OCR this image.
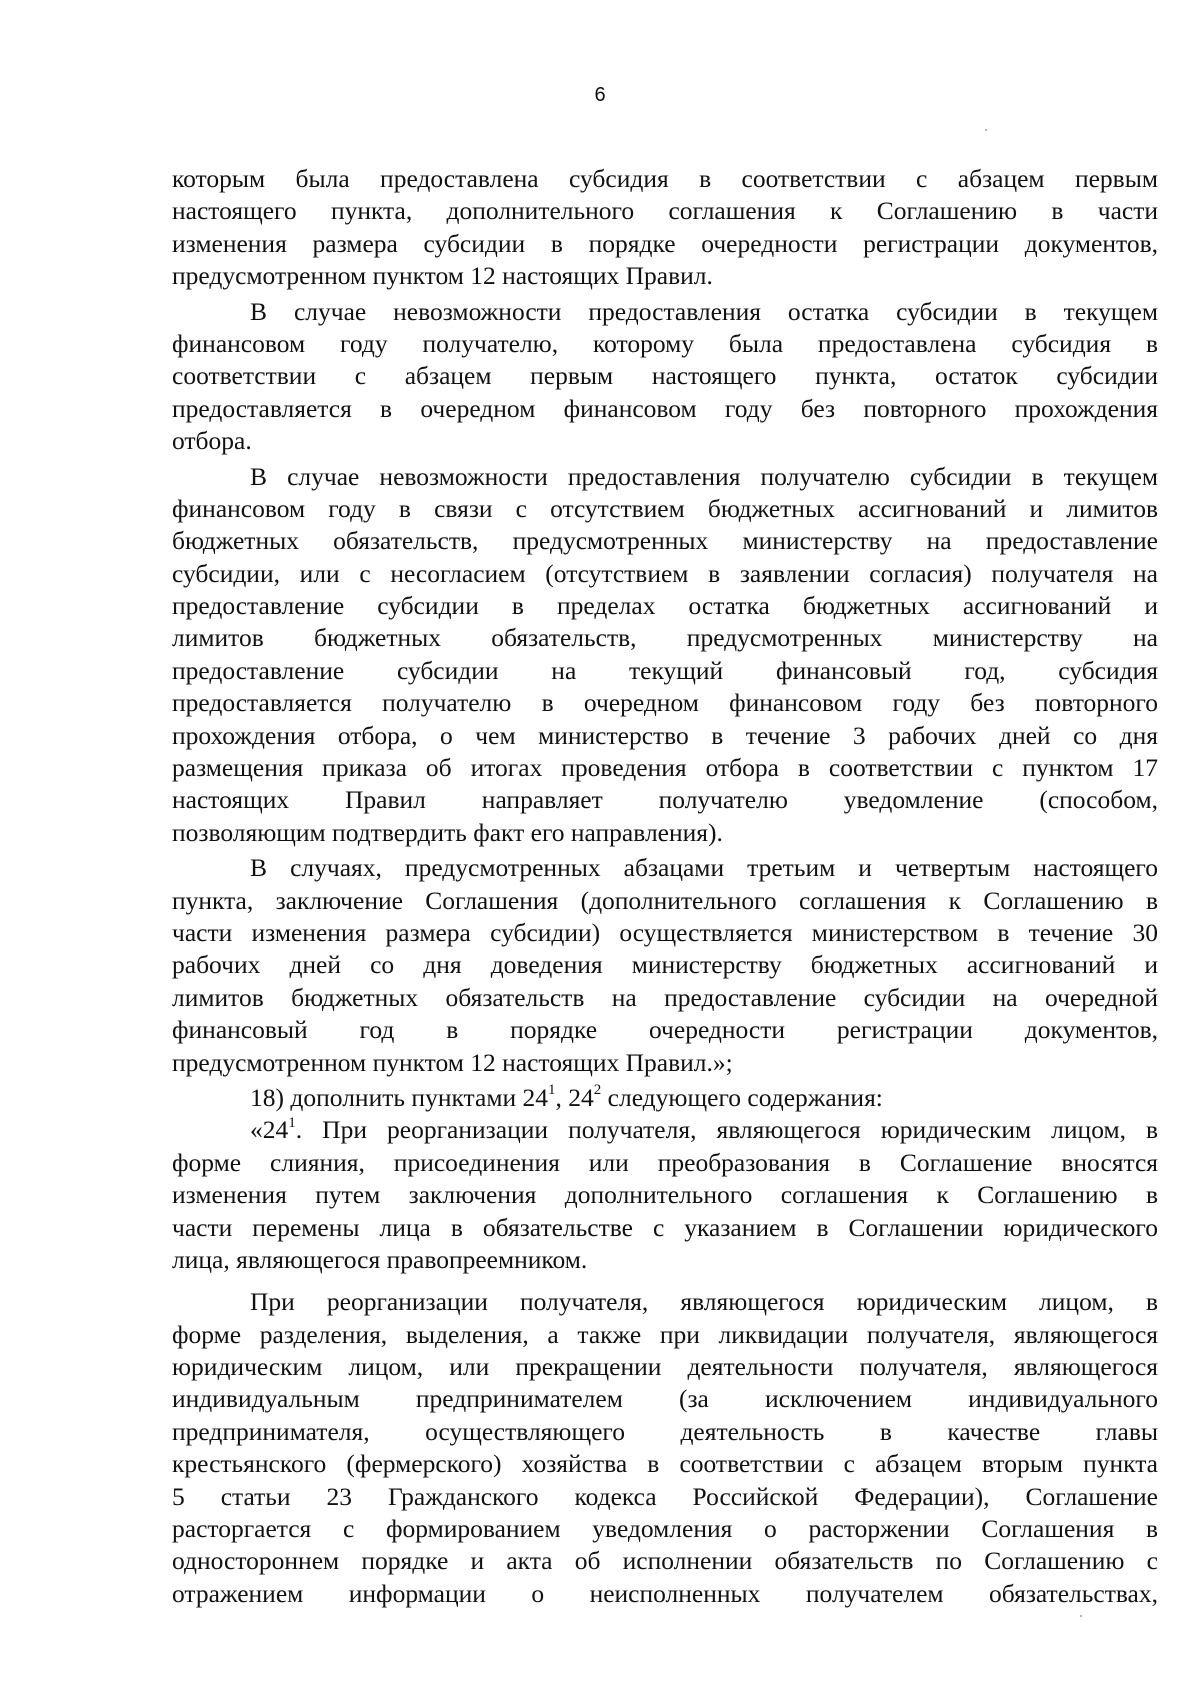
6
которым была предоставлена субсидия в соответствии с абзацем первым
настоящего пункта, дополнительного соглашения к Соглашению в части
изменения размера субсидии в порядке очередности регистрации документов,
предусмотренном пунктом 12 настоящих Правил.
В случае невозможности предоставления остатка субсидии в текущем
финансовом году получателю, которому была предоставлена субсидия в
соответствии с абзацем первым настоящего пункта, остаток субсидии
предоставляется в очередном финансовом году без повторного прохождения
отбора.
В случае невозможности предоставления получателю субсидии в текущем
финансовом году в связи с отсутствием бюджетных ассигнований и лимитов
бюджетных обязательств, предусмотренных министерству на предоставление
субсидии, или с несогласием (отсутствием в заявлении согласия) получателя на
предоставление субсидии в пределах остатка бюджетных ассигнований и
лимитов бюджетных обязательств, предусмотренных министерству на
предоставление субсидии на текущий финансовый год, субсидия
предоставляется получателю в очередном финансовом году без повторного
прохождения отбора, о чем министерство в течение 3 рабочих дней со дня
размещения приказа об итогах проведения отбора в соответствии с пунктом 17
настоящих Правил направляет получателю уведомление (способом,
позволяющим подтвердить факт его направления).
В случаях, предусмотренных абзацами третьим и четвертым настоящего
пункта, заключение Соглашения (дополнительного соглашения к Соглашению в
части изменения размера субсидии) осуществляется министерством в течение 30
рабочих дней со дня доведения министерству бюджетных ассигнований и
лимитов бюджетных обязательств на предоставление субсидии на очередной
финансовый год в порядке очередности регистрации документов,
предусмотренном пунктом 12 настоящих Правил.»;
18) дополнить пунктами $24^1$, $24^2$ следующего содержания:
«$24^1$. При реорганизации получателя, являющегося юридическим лицом, в
форме слияния, присоединения или преобразования в Соглашение вносятся
изменения путем заключения дополнительного соглашения к Соглашению в
части перемены лица в обязательстве с указанием в Соглашении юридического
лица, являющегося правопреемником.
При реорганизации получателя, являющегося юридическим лицом, в
форме разделения, выделения, а также при ликвидации получателя, являющегося
юридическим лицом, или прекращении деятельности получателя, являющегося
индивидуальным предпринимателем (за исключением индивидуального
предпринимателя, осуществляющего деятельность в качестве главы
крестьянского (фермерского) хозяйства в соответствии с абзацем вторым пункта
5 статьи 23 Гражданского кодекса Российской Федерации), Соглашение
расторгается с формированием уведомления о расторжении Соглашения в
одностороннем порядке и акта об исполнении обязательств по Соглашению с
отражением информации о неисполненных получателем обязательствах,
